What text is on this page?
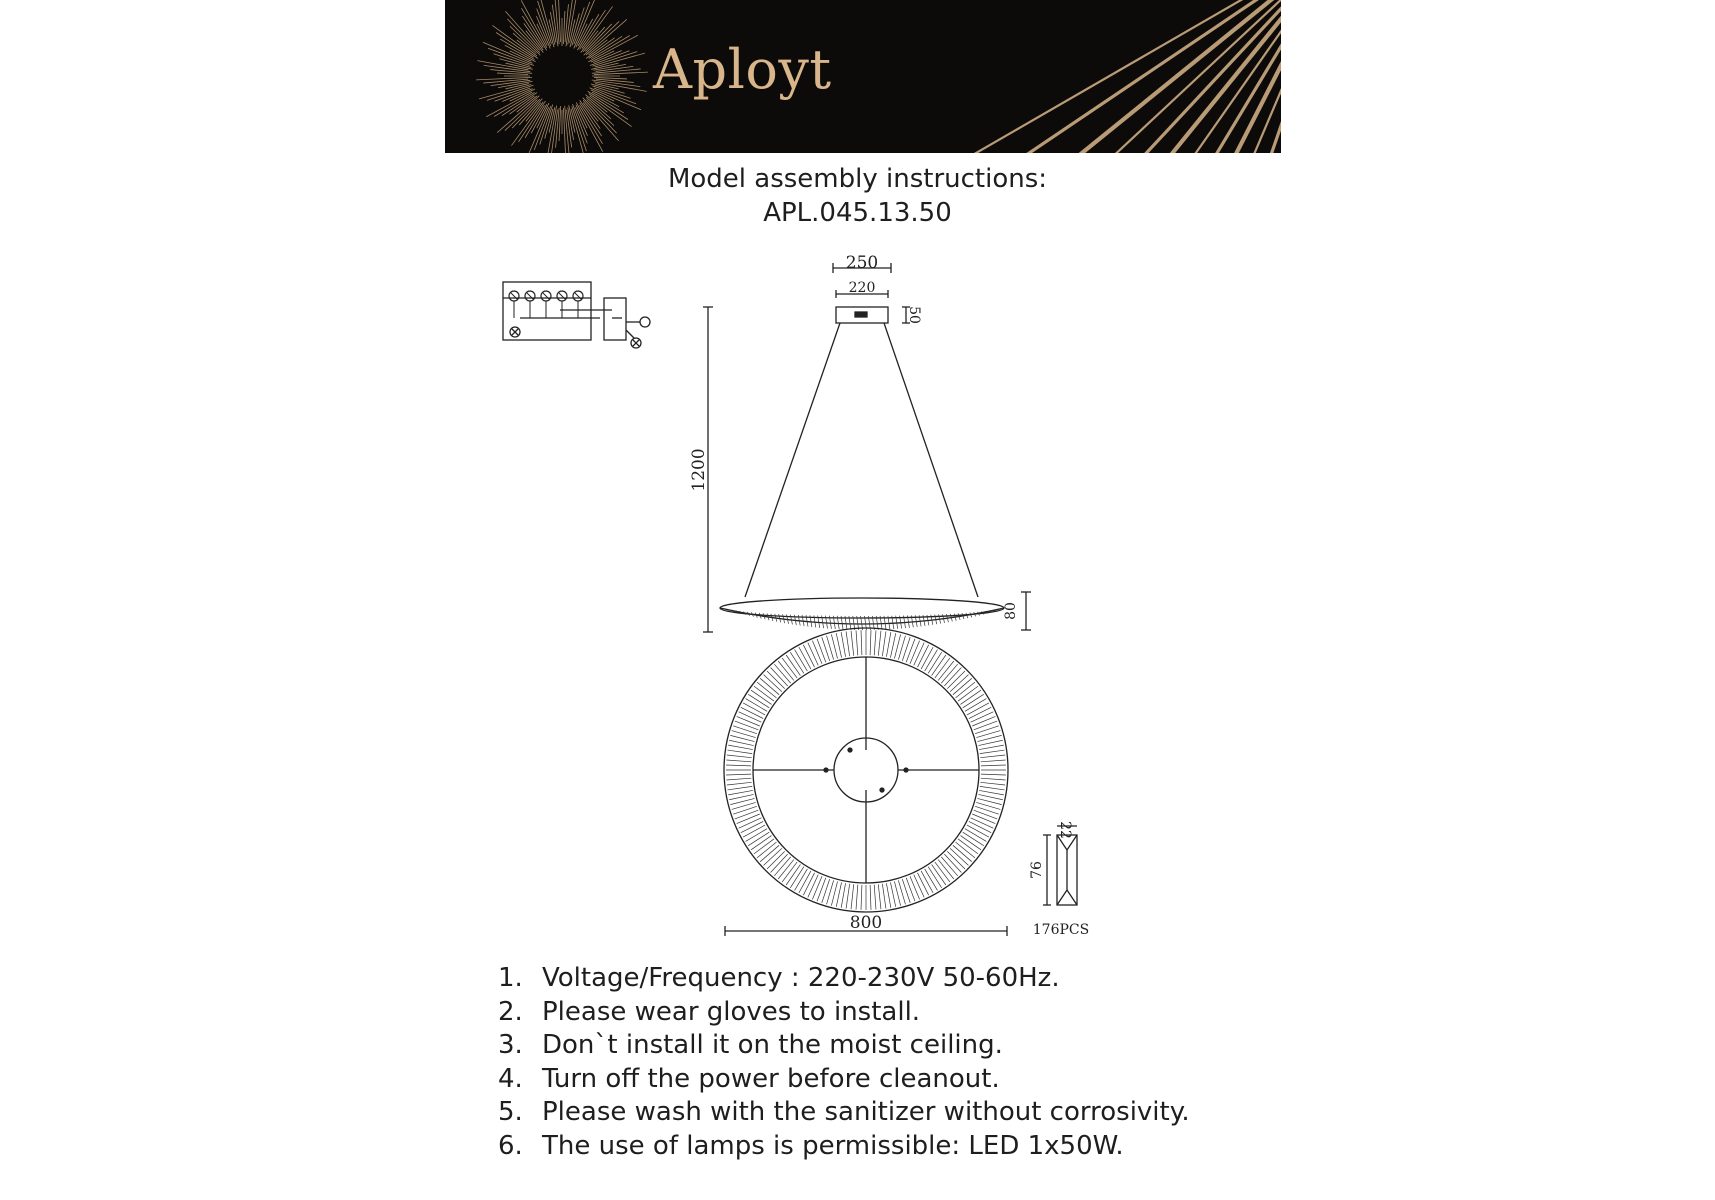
Aployt
Model assembly instructions:
APL.045.13.50
250
220
50
1200
80
800
76
22
176PCS
1. Voltage/Frequency : 220-230V 50-60Hz.
2. Please wear gloves to install.
3. Don`t install it on the moist ceiling.
4. Turn off the power before cleanout.
5. Please wash with the sanitizer without corrosivity.
6. The use of lamps is permissible: LED 1x50W.
